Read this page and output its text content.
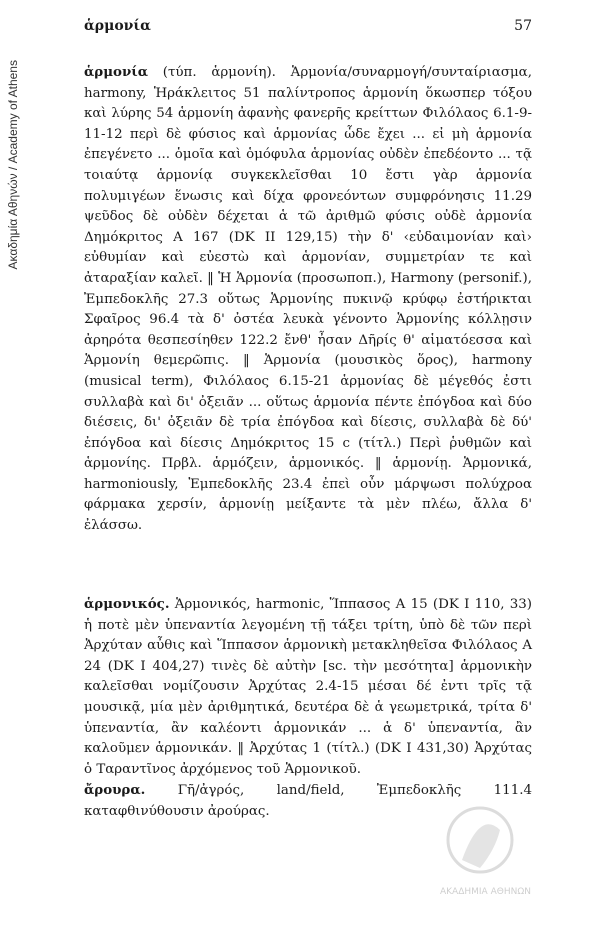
Ακαδημία Αθηνών / Academy of Athens
ἁρμονία	57

ἁρμονία (τύπ. ἁρμονίη). Ἁρμονία/συναρμογή/συνταίριασμα, harmony, Ἡράκλειτος 51 παλίντροπος ἁρμονίη ὅκωσπερ τόξου καὶ λύρης 54 ἁρμονίη ἀφανὴς φανερῆς κρείττων Φιλόλαος 6.1-9-11-12 περὶ δὲ φύσιος καὶ ἁρμονίας ὧδε ἔχει ... εἰ μὴ ἁρμονία ἐπεγένετο ... ὁμοῖα καὶ ὁμόφυλα ἁρμονίας οὐδὲν ἐπεδέοντο ... τᾷ τοιαύτᾳ ἁρμονίᾳ συγκεκλεῖσθαι 10 ἔστι γὰρ ἁρμονία πολυμιγέων ἕνωσις καὶ δίχα φρονεόντων συμφρόνησις 11.29 ψεῦδος δὲ οὐδὲν δέχεται ἁ τῶ ἀριθμῶ φύσις οὐδὲ ἁρμονία Δημόκριτος Α 167 (DK II 129,15) τὴν δ' ‹εὐδαιμονίαν καὶ› εὐθυμίαν καὶ εὐεστὼ καὶ ἁρμονίαν, συμμετρίαν τε καὶ ἀταραξίαν καλεῖ. ‖ Ἡ Ἁρμονία (προσωποπ.), Harmony (personif.), Ἐμπεδοκλῆς 27.3 οὕτως Ἁρμονίης πυκινῷ κρύφῳ ἐστήρικται Σφαῖρος 96.4 τὰ δ' ὀστέα λευκὰ γένοντο Ἁρμονίης κόλλῃσιν ἀρηρότα θεσπεσίηθεν 122.2 ἔνθ' ἦσαν Δῆρίς θ' αἱματόεσσα καὶ Ἁρμονίη θεμερῶπις. ‖ Ἁρμονία (μουσικὸς ὅρος), harmony (musical term), Φιλόλαος 6.15-21 ἁρμονίας δὲ μέγεθός ἐστι συλλαβὰ καὶ δι' ὀξειᾶν ... οὕτως ἁρμονία πέντε ἐπόγδοα καὶ δύο διέσεις, δι' ὀξειᾶν δὲ τρία ἐπόγδοα καὶ δίεσις, συλλαβὰ δὲ δύ' ἐπόγδοα καὶ δίεσις Δημόκριτος 15 c (τίτλ.) Περὶ ῥυθμῶν καὶ ἁρμονίης. Πρβλ. ἁρμόζειν, ἁρμονικός. ‖ ἁρμονίῃ. Ἁρμονικά, harmoniously, Ἐμπεδοκλῆς 23.4 ἐπεὶ οὖν μάρψωσι πολύχροα φάρμακα χερσίν, ἁρμονίῃ μείξαντε τὰ μὲν πλέω, ἄλλα δ' ἐλάσσω.

ἁρμονικός. Ἁρμονικός, harmonic, Ἵππασος Α 15 (DK I 110, 33) ἡ ποτὲ μὲν ὑπεναντία λεγομένη τῇ τάξει τρίτη, ὑπὸ δὲ τῶν περὶ Ἀρχύταν αὖθις καὶ Ἵππασον ἁρμονικὴ μετακληθεῖσα Φιλόλαος Α 24 (DK I 404,27) τινὲς δὲ αὐτὴν [sc. τὴν μεσότητα] ἁρμονικὴν καλεῖσθαι νομίζουσιν Ἀρχύτας 2.4-15 μέσαι δέ ἐντι τρῖς τᾷ μουσικᾷ, μία μὲν ἀριθμητικά, δευτέρα δὲ ἁ γεωμετρικά, τρίτα δ' ὑπεναντία, ἂν καλέοντι ἁρμονικάν ... ἁ δ' ὑπεναντία, ἂν καλοῦμεν ἁρμονικάν. ‖ Ἀρχύτας 1 (τίτλ.) (DK I 431,30) Ἀρχύτας ὁ Ταραντῖνος ἀρχόμενος τοῦ Ἁρμονικοῦ.

ἄρουρα. Γῆ/ἀγρός, land/field, Ἐμπεδοκλῆς 111.4 καταφθινύθουσιν ἀρούρας.

ΑΚΑΔΗΜΙΑ ΑΘΗΝΩΝ
